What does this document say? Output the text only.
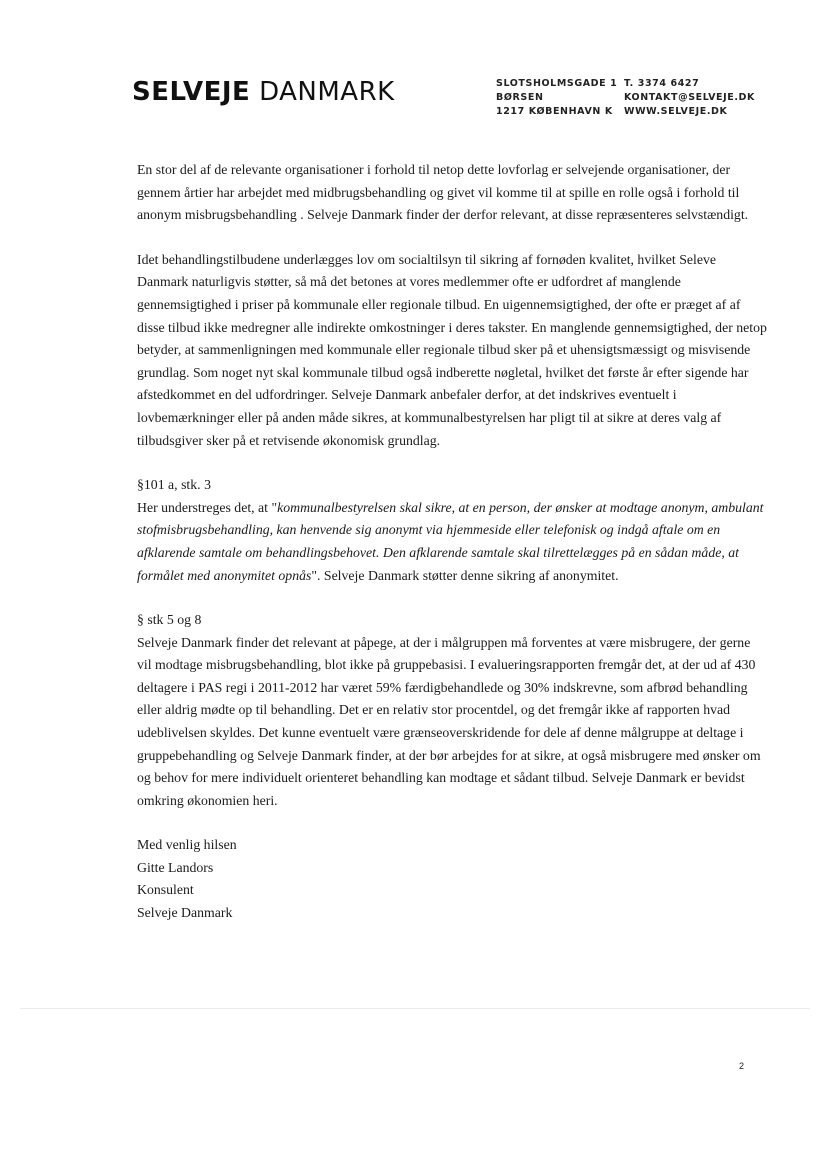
SELVEJE DANMARK	SLOTSHOLMSGADE 1
BØRSEN
1217 KØBENHAVN K
T. 3374 6427
KONTAKT@SELVEJE.DK
WWW.SELVEJE.DK

En stor del af de relevante organisationer i forhold til netop dette lovforlag er selvejende organisationer, der gennem årtier har arbejdet med midbrugsbehandling og givet vil komme til at spille en rolle også i forhold til anonym misbrugsbehandling . Selveje Danmark finder der derfor relevant, at disse repræsenteres selvstændigt.

Idet behandlingstilbudene underlægges lov om socialtilsyn til sikring af fornøden kvalitet, hvilket Seleve Danmark naturligvis støtter, så må det betones at vores medlemmer ofte er udfordret af manglende gennemsigtighed i priser på kommunale eller regionale tilbud. En uigennemsigtighed, der ofte er præget af af disse tilbud ikke medregner alle indirekte omkostninger i deres takster. En manglende gennemsigtighed, der netop betyder, at sammenligningen med kommunale eller regionale tilbud sker på et uhensigtsmæssigt og misvisende grundlag. Som noget nyt skal kommunale tilbud også indberette nøgletal, hvilket det første år efter sigende har afstedkommet en del udfordringer. Selveje Danmark anbefaler derfor, at det indskrives eventuelt i lovbemærkninger eller på anden måde sikres, at kommunalbestyrelsen har pligt til at sikre at deres valg af tilbudsgiver sker på et retvisende økonomisk grundlag.

§101 a, stk. 3

Her understreges det, at "kommunalbestyrelsen skal sikre, at en person, der ønsker at modtage anonym, ambulant stofmisbrugsbehandling, kan henvende sig anonymt via hjemmeside eller telefonisk og indgå aftale om en afklarende samtale om behandlingsbehovet. Den afklarende samtale skal tilrettelægges på en sådan måde, at formålet med anonymitet opnås". Selveje Danmark støtter denne sikring af anonymitet.

§ stk 5 og 8

Selveje Danmark finder det relevant at påpege, at der i målgruppen må forventes at være misbrugere, der gerne vil modtage misbrugsbehandling, blot ikke på gruppebasisi. I evalueringsrapporten fremgår det, at der ud af 430 deltagere i PAS regi i 2011-2012 har været 59% færdigbehandlede og 30% indskrevne, som afbrød behandling eller aldrig mødte op til behandling. Det er en relativ stor procentdel, og det fremgår ikke af rapporten hvad udeblivelsen skyldes. Det kunne eventuelt være grænseoverskridende for dele af denne målgruppe at deltage i gruppebehandling og Selveje Danmark finder, at der bør arbejdes for at sikre, at også misbrugere med ønsker om og behov for mere individuelt orienteret behandling kan modtage et sådant tilbud. Selveje Danmark er bevidst omkring økonomien heri.

Med venlig hilsen
Gitte Landors
Konsulent
Selveje Danmark
2
